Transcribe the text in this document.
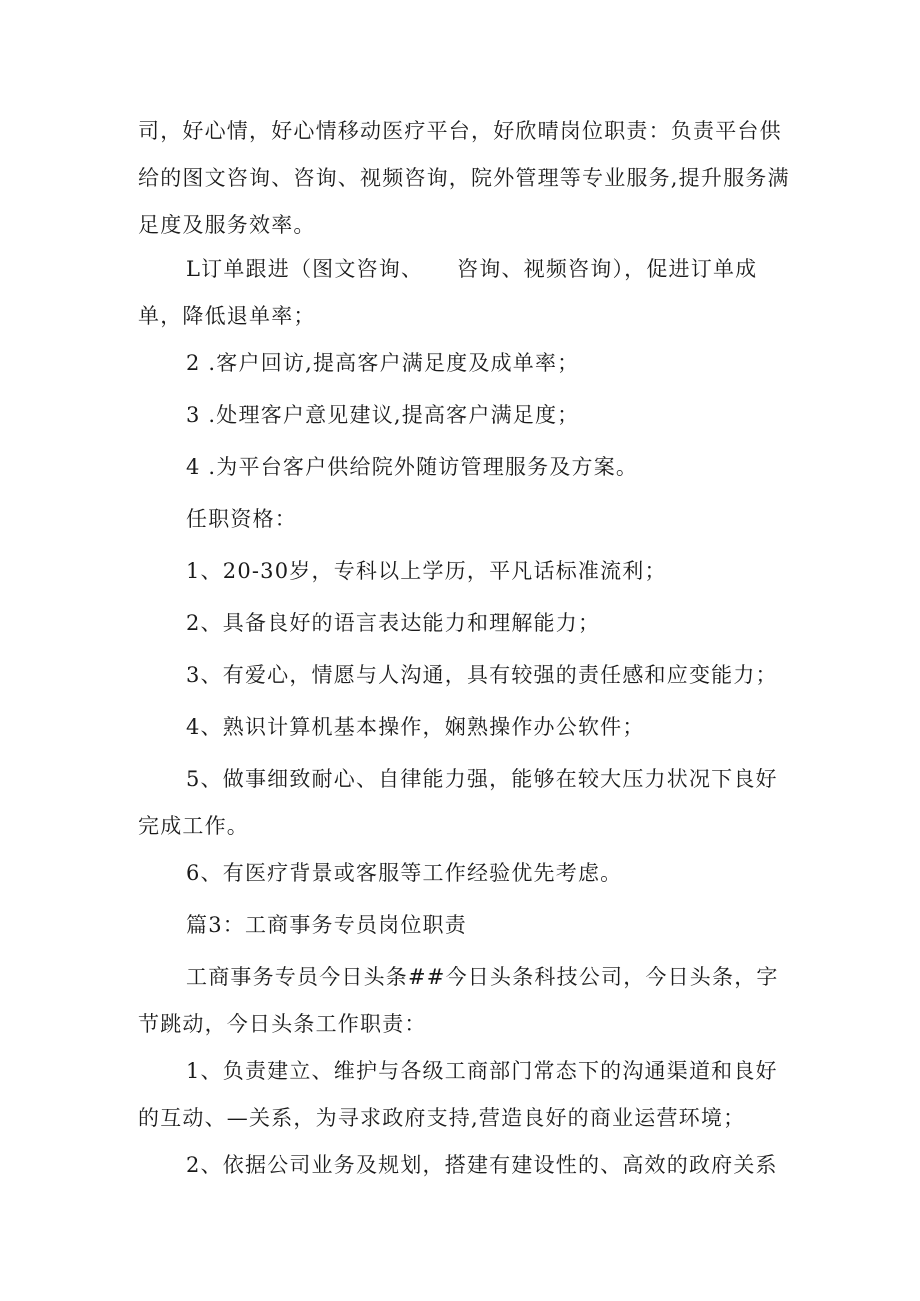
司，好心情，好心情移动医疗平台，好欣晴岗位职责：负责平台供给的图文咨询、咨询、视频咨询，院外管理等专业服务,提升服务满足度及服务效率。

L订单跟进（图文咨询、　　咨询、视频咨询），促进订单成单，降低退单率；

2 .客户回访,提高客户满足度及成单率；

3 .处理客户意见建议,提高客户满足度；

4 .为平台客户供给院外随访管理服务及方案。

任职资格：

1、20-30岁，专科以上学历，平凡话标准流利；

2、具备良好的语言表达能力和理解能力；

3、有爱心，情愿与人沟通，具有较强的责任感和应变能力；

4、熟识计算机基本操作，娴熟操作办公软件；

5、做事细致耐心、自律能力强，能够在较大压力状况下良好完成工作。

6、有医疗背景或客服等工作经验优先考虑。

篇3：工商事务专员岗位职责

工商事务专员今日头条##今日头条科技公司，今日头条，字节跳动，今日头条工作职责：

1、负责建立、维护与各级工商部门常态下的沟通渠道和良好的互动、—关系，为寻求政府支持,营造良好的商业运营环境；

2、依据公司业务及规划，搭建有建设性的、高效的政府关系
